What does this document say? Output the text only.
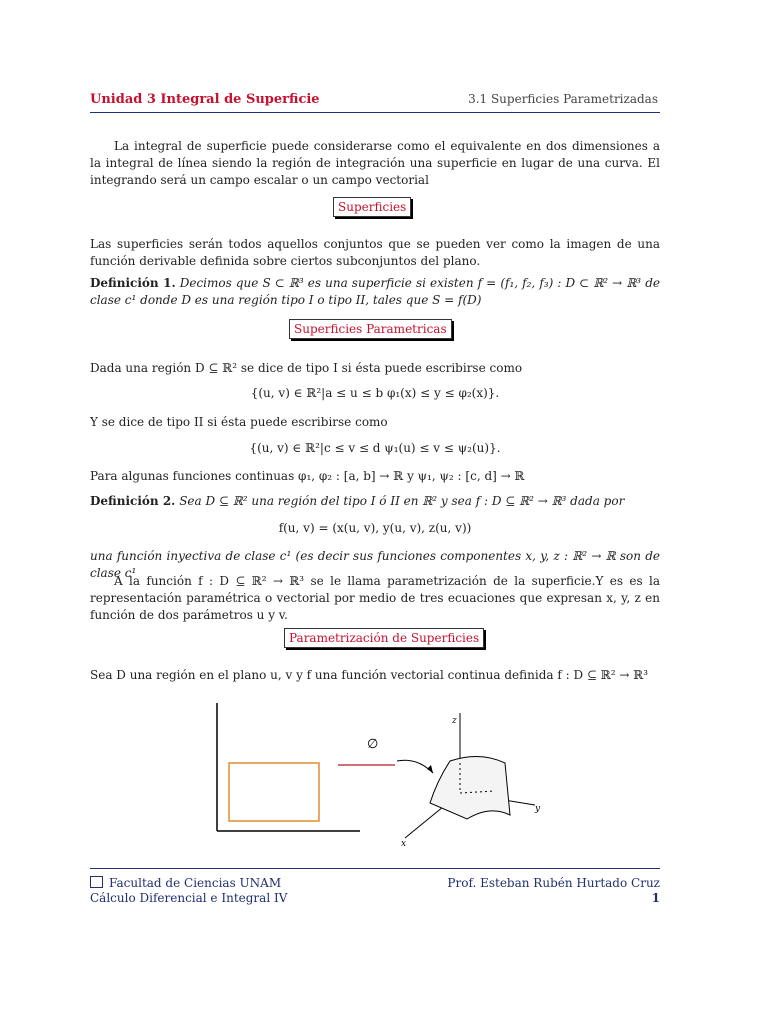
Unidad 3 Integral de Superficie	3.1 Superficies Parametrizadas
La integral de superficie puede considerarse como el equivalente en dos dimensiones a la integral de línea siendo la región de integración una superficie en lugar de una curva. El integrando será un campo escalar o un campo vectorial
Superficies
Las superficies serán todos aquellos conjuntos que se pueden ver como la imagen de una función derivable definida sobre ciertos subconjuntos del plano.
Definición 1. Decimos que S ⊂ ℝ³ es una superficie si existen f = (f₁, f₂, f₃) : D ⊂ ℝ² → ℝ³ de clase c¹ donde D es una región tipo I o tipo II, tales que S = f(D)
Superficies Parametricas
Dada una región D ⊆ ℝ² se dice de tipo I si ésta puede escribirse como
{(u, v) ∈ ℝ²|a ≤ u ≤ b φ₁(x) ≤ y ≤ φ₂(x)}.
Y se dice de tipo II si ésta puede escribirse como
{(u, v) ∈ ℝ²|c ≤ v ≤ d ψ₁(u) ≤ v ≤ ψ₂(u)}.
Para algunas funciones continuas φ₁, φ₂ : [a, b] → ℝ y ψ₁, ψ₂ : [c, d] → ℝ
Definición 2. Sea D ⊆ ℝ² una región del tipo I ó II en ℝ² y sea f : D ⊆ ℝ² → ℝ³ dada por
f(u, v) = (x(u, v), y(u, v), z(u, v))
una función inyectiva de clase c¹ (es decir sus funciones componentes x, y, z : ℝ² → ℝ son de clase c¹
A la función f : D ⊆ ℝ² → ℝ³ se le llama parametrización de la superficie.Y es es la representación paramétrica o vectorial por medio de tres ecuaciones que expresan x, y, z en función de dos parámetros u y v.
Parametrización de Superficies
Sea D una región en el plano u, v y f una función vectorial continua definida f : D ⊆ ℝ² → ℝ³
∅
z
y
x
Facultad de Ciencias UNAM
Cálculo Diferencial e Integral IV
Prof. Esteban Rubén Hurtado Cruz
1
